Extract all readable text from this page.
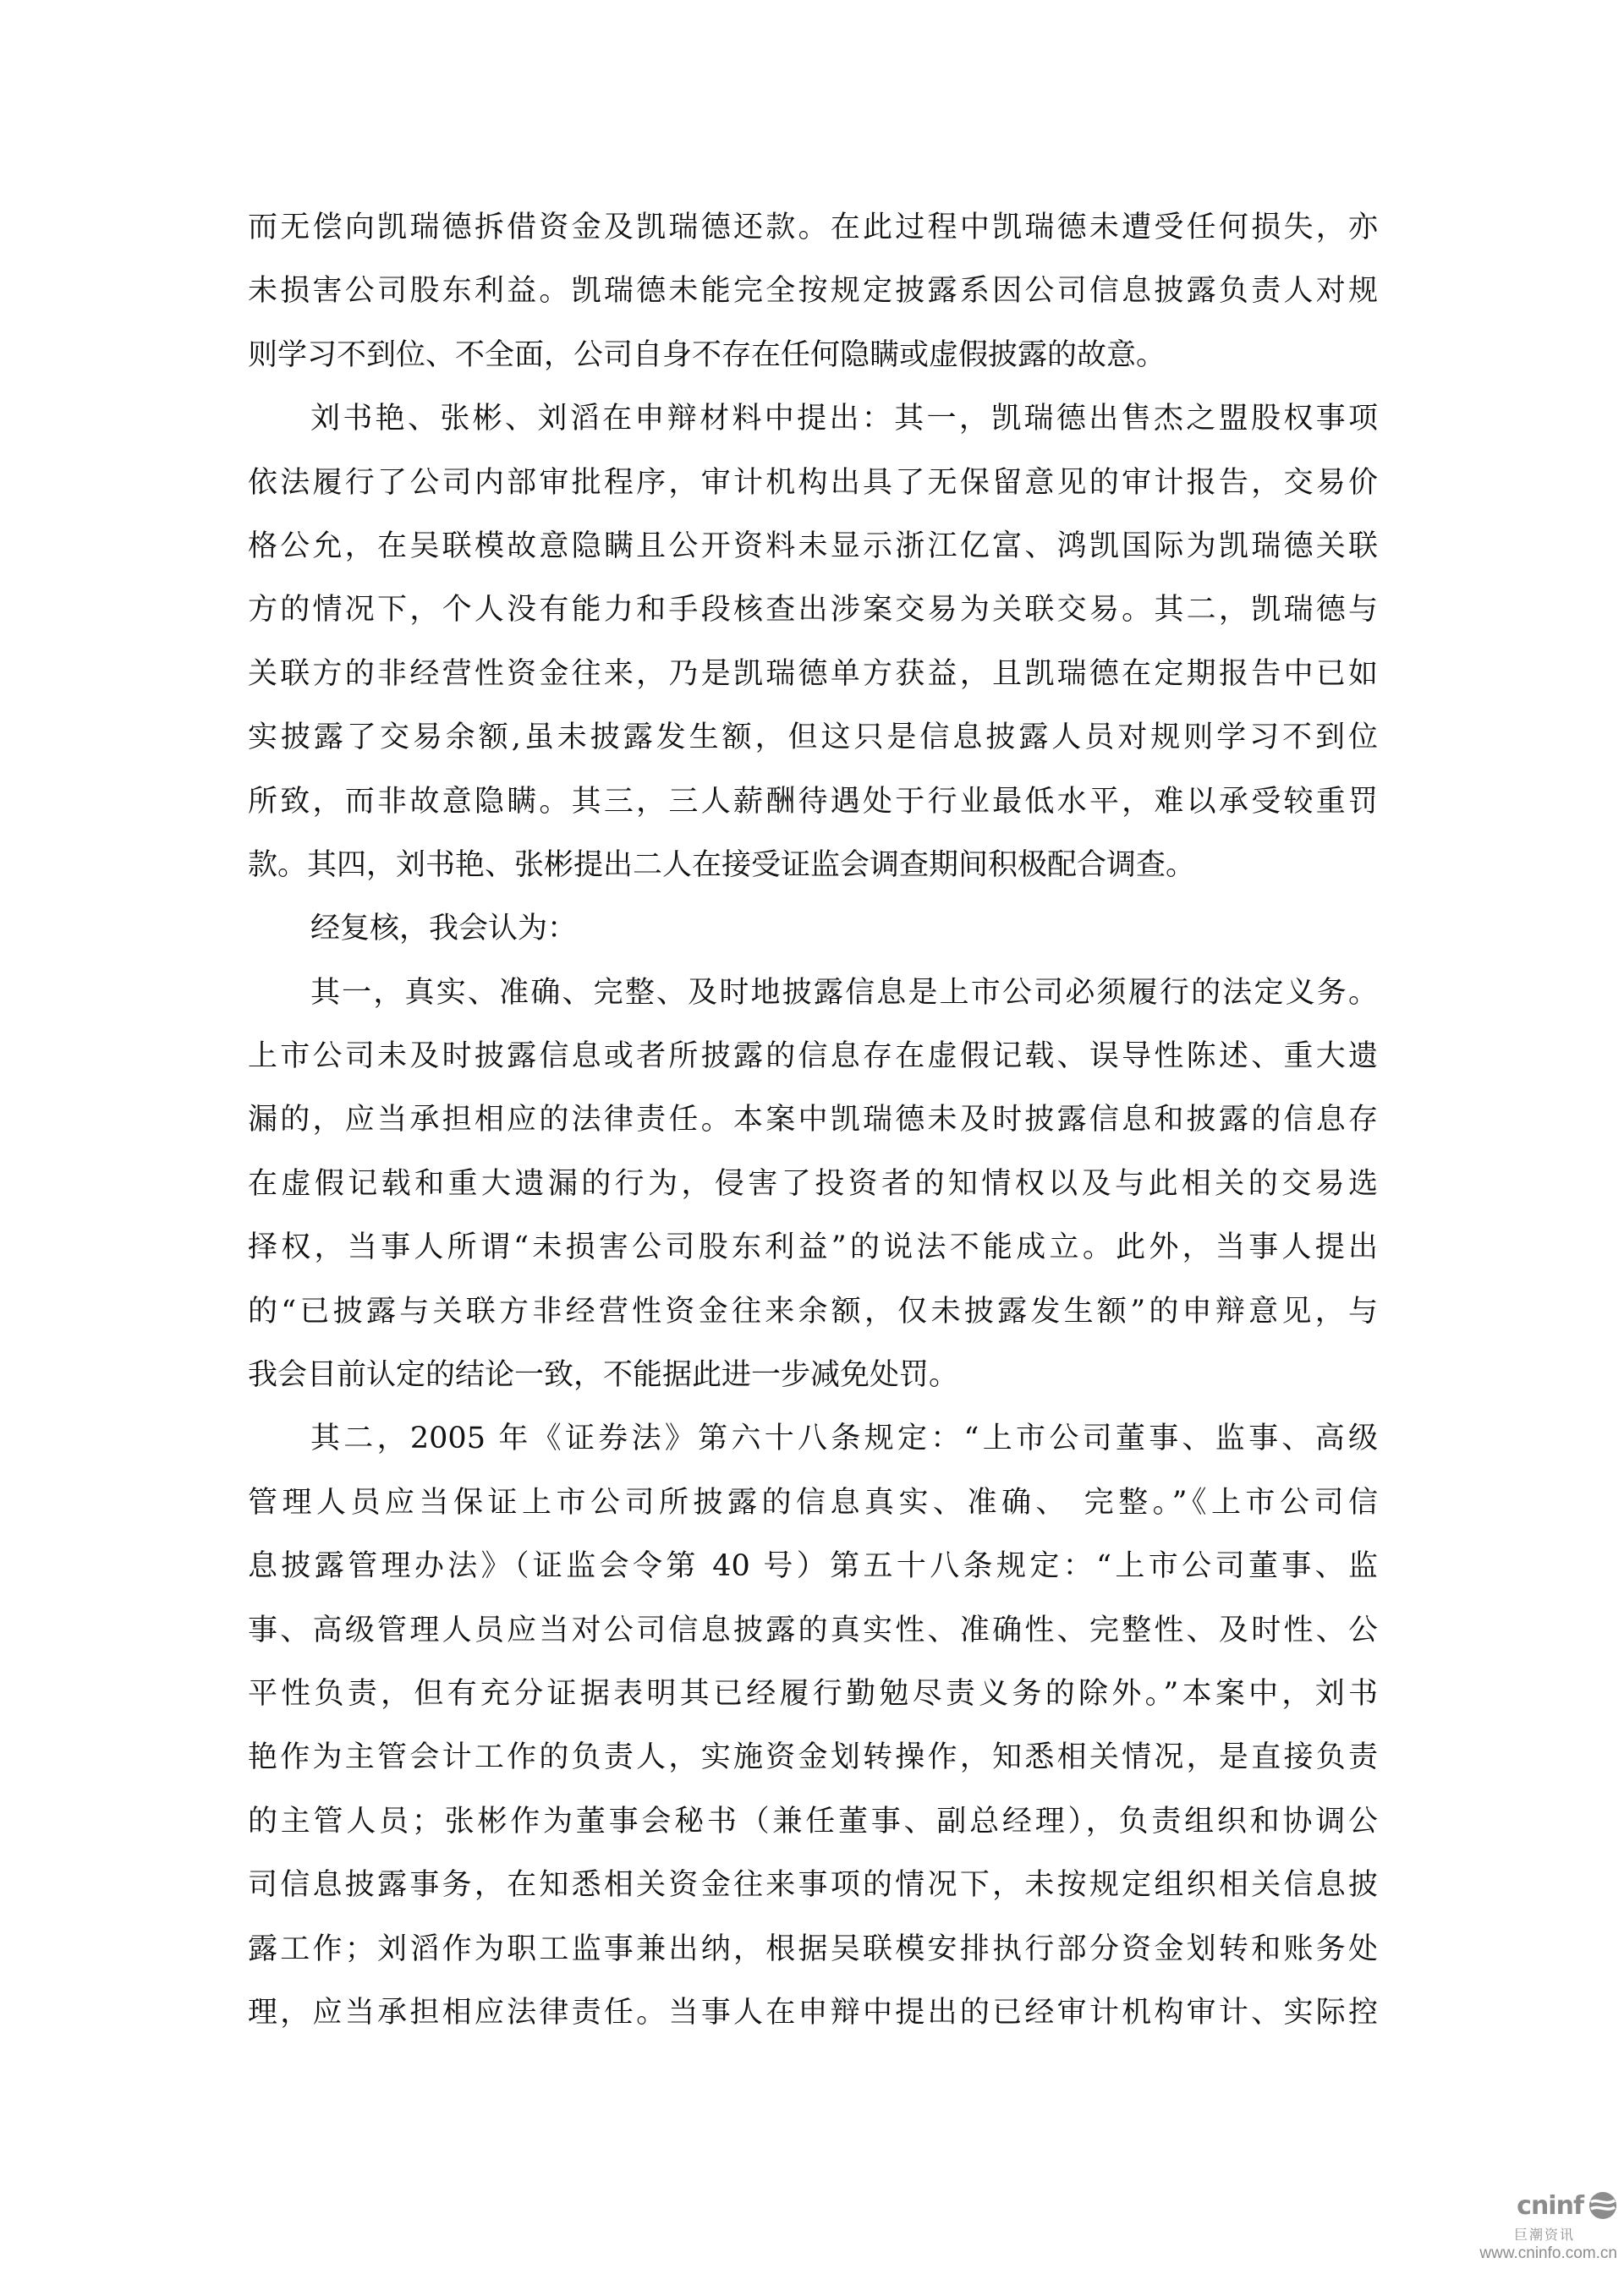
而无偿向凯瑞德拆借资金及凯瑞德还款。在此过程中凯瑞德未遭受任何损失，亦
未损害公司股东利益。凯瑞德未能完全按规定披露系因公司信息披露负责人对规
则学习不到位、不全面，公司自身不存在任何隐瞒或虚假披露的故意。
刘书艳、张彬、刘滔在申辩材料中提出：其一，凯瑞德出售杰之盟股权事项
依法履行了公司内部审批程序，审计机构出具了无保留意见的审计报告，交易价
格公允，在吴联模故意隐瞒且公开资料未显示浙江亿富、鸿凯国际为凯瑞德关联
方的情况下，个人没有能力和手段核查出涉案交易为关联交易。其二，凯瑞德与
关联方的非经营性资金往来，乃是凯瑞德单方获益，且凯瑞德在定期报告中已如
实披露了交易余额,虽未披露发生额，但这只是信息披露人员对规则学习不到位
所致，而非故意隐瞒。其三，三人薪酬待遇处于行业最低水平，难以承受较重罚
款。其四，刘书艳、张彬提出二人在接受证监会调查期间积极配合调查。
经复核，我会认为：
其一，真实、准确、完整、及时地披露信息是上市公司必须履行的法定义务。
上市公司未及时披露信息或者所披露的信息存在虚假记载、误导性陈述、重大遗
漏的，应当承担相应的法律责任。本案中凯瑞德未及时披露信息和披露的信息存
在虚假记载和重大遗漏的行为，侵害了投资者的知情权以及与此相关的交易选
择权，当事人所谓“未损害公司股东利益”的说法不能成立。此外，当事人提出
的“已披露与关联方非经营性资金往来余额，仅未披露发生额”的申辩意见，与
我会目前认定的结论一致，不能据此进一步减免处罚。
其二，2005 年《证券法》第六十八条规定：“上市公司董事、监事、高级
管理人员应当保证上市公司所披露的信息真实、准确、 完整。”《上市公司信
息披露管理办法》（证监会令第 40 号）第五十八条规定：“上市公司董事、监
事、高级管理人员应当对公司信息披露的真实性、准确性、完整性、及时性、公
平性负责，但有充分证据表明其已经履行勤勉尽责义务的除外。”本案中，刘书
艳作为主管会计工作的负责人，实施资金划转操作，知悉相关情况，是直接负责
的主管人员；张彬作为董事会秘书（兼任董事、副总经理），负责组织和协调公
司信息披露事务，在知悉相关资金往来事项的情况下，未按规定组织相关信息披
露工作；刘滔作为职工监事兼出纳，根据吴联模安排执行部分资金划转和账务处
理，应当承担相应法律责任。当事人在申辩中提出的已经审计机构审计、实际控
cninf
巨潮资讯
www.cninfo.com.cn
